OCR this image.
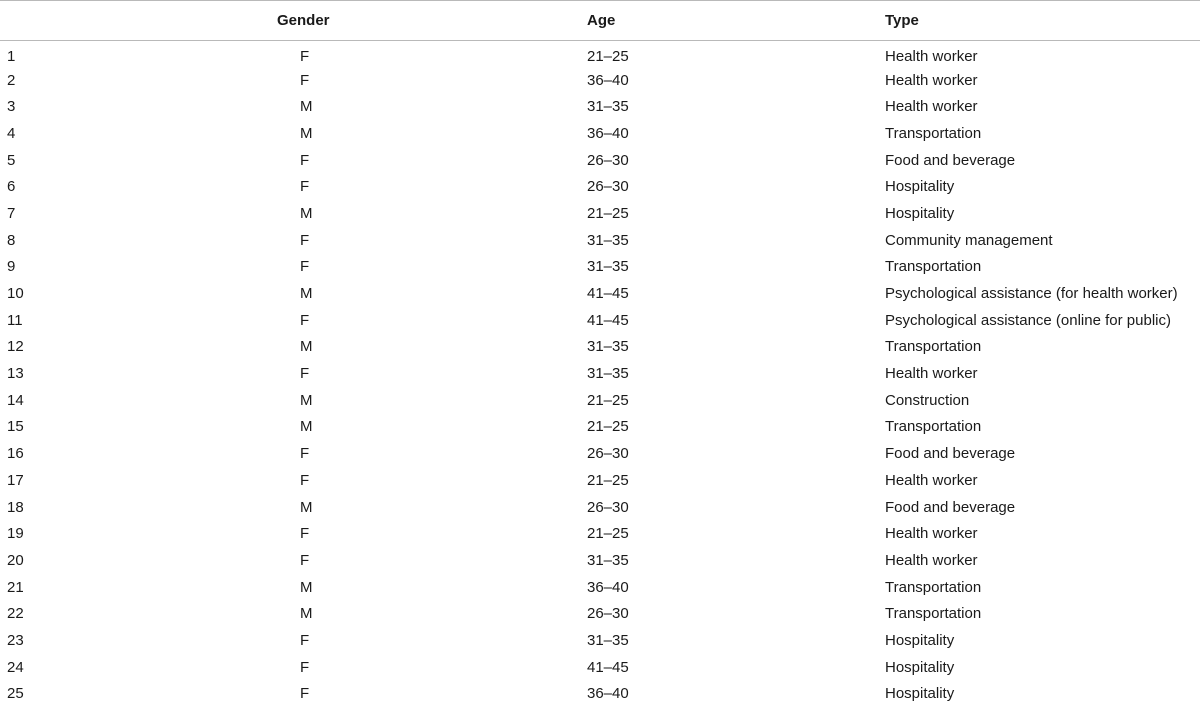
	Gender	Age	Type
1	F	21–25	Health worker
2	F	36–40	Health worker
3	M	31–35	Health worker
4	M	36–40	Transportation
5	F	26–30	Food and beverage
6	F	26–30	Hospitality
7	M	21–25	Hospitality
8	F	31–35	Community management
9	F	31–35	Transportation
10	M	41–45	Psychological assistance (for health worker)
11	F	41–45	Psychological assistance (online for public)
12	M	31–35	Transportation
13	F	31–35	Health worker
14	M	21–25	Construction
15	M	21–25	Transportation
16	F	26–30	Food and beverage
17	F	21–25	Health worker
18	M	26–30	Food and beverage
19	F	21–25	Health worker
20	F	31–35	Health worker
21	M	36–40	Transportation
22	M	26–30	Transportation
23	F	31–35	Hospitality
24	F	41–45	Hospitality
25	F	36–40	Hospitality
